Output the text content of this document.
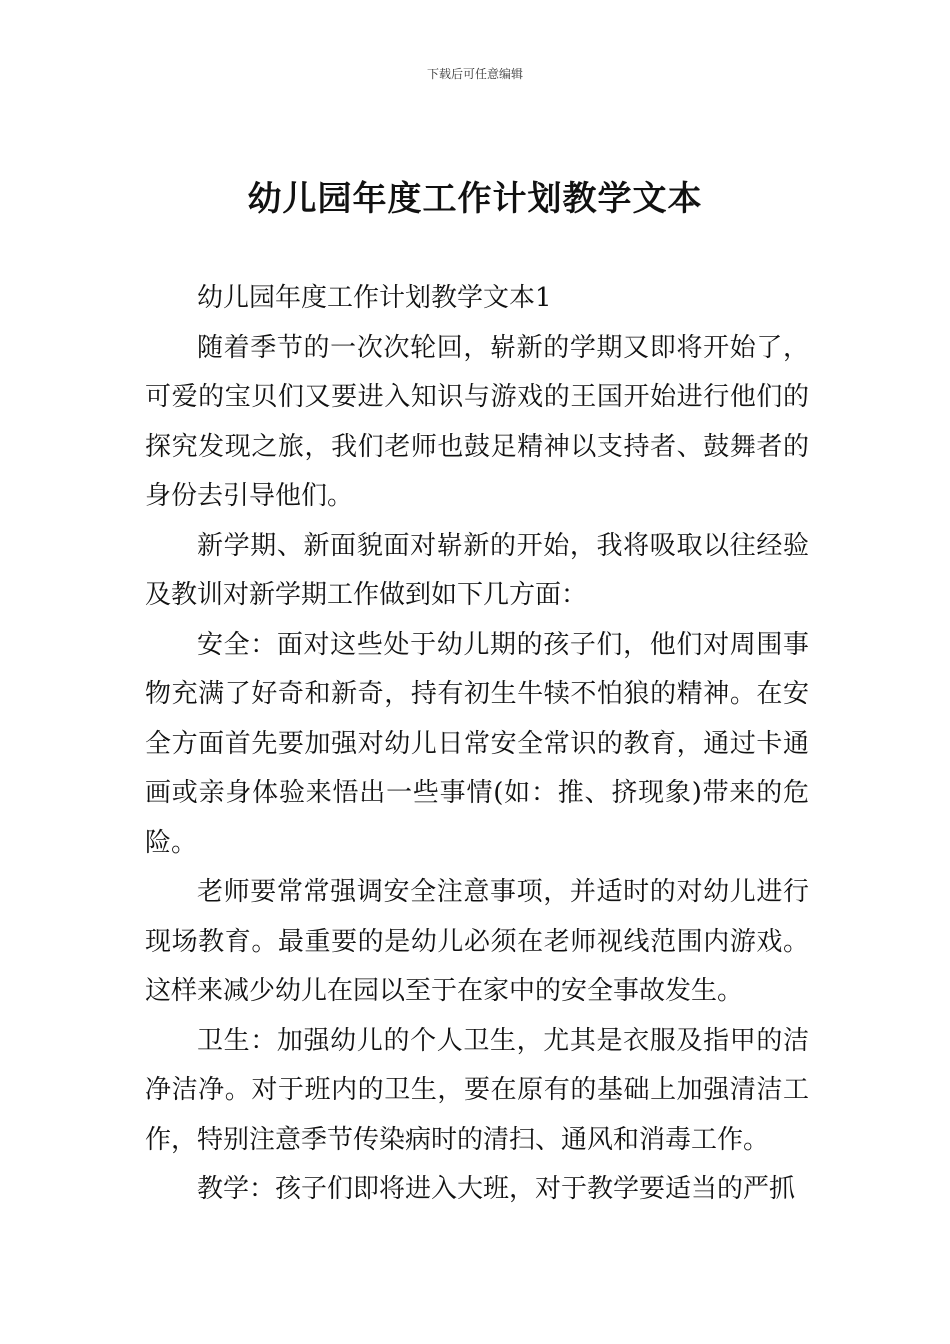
下载后可任意编辑
幼儿园年度工作计划教学文本

幼儿园年度工作计划教学文本1

随着季节的一次次轮回，崭新的学期又即将开始了，可爱的宝贝们又要进入知识与游戏的王国开始进行他们的探究发现之旅，我们老师也鼓足精神以支持者、鼓舞者的身份去引导他们。

新学期、新面貌面对崭新的开始，我将吸取以往经验及教训对新学期工作做到如下几方面：

安全：面对这些处于幼儿期的孩子们，他们对周围事物充满了好奇和新奇，持有初生牛犊不怕狼的精神。在安全方面首先要加强对幼儿日常安全常识的教育，通过卡通画或亲身体验来悟出一些事情(如：推、挤现象)带来的危险。

老师要常常强调安全注意事项，并适时的对幼儿进行现场教育。最重要的是幼儿必须在老师视线范围内游戏。这样来减少幼儿在园以至于在家中的安全事故发生。

卫生：加强幼儿的个人卫生，尤其是衣服及指甲的洁净洁净。对于班内的卫生，要在原有的基础上加强清洁工作，特别注意季节传染病时的清扫、通风和消毒工作。

教学：孩子们即将进入大班，对于教学要适当的严抓
